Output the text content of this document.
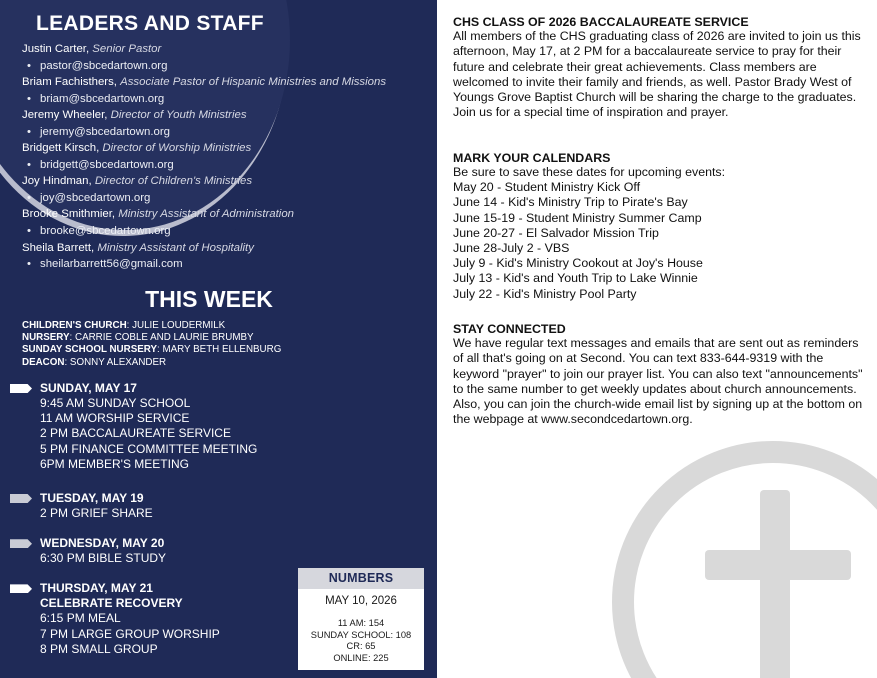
LEADERS AND STAFF
Justin Carter, Senior Pastor
• pastor@sbcedartown.org
Briam Fachisthers, Associate Pastor of Hispanic Ministries and Missions
• briam@sbcedartown.org
Jeremy Wheeler, Director of Youth Ministries
• jeremy@sbcedartown.org
Bridgett Kirsch, Director of Worship Ministries
• bridgett@sbcedartown.org
Joy Hindman, Director of Children's Ministries
• joy@sbcedartown.org
Brooke Smithmier, Ministry Assistant of Administration
• brooke@sbcedartown.org
Sheila Barrett, Ministry Assistant of Hospitality
• sheilarbarrett56@gmail.com
THIS WEEK
CHILDREN'S CHURCH: JULIE LOUDERMILK
NURSERY: CARRIE COBLE AND LAURIE BRUMBY
SUNDAY SCHOOL NURSERY: MARY BETH ELLENBURG
DEACON: SONNY ALEXANDER
SUNDAY, MAY 17
9:45 AM SUNDAY SCHOOL
11 AM WORSHIP SERVICE
2 PM BACCALAUREATE SERVICE
5 PM FINANCE COMMITTEE MEETING
6PM MEMBER'S MEETING
TUESDAY, MAY 19
2 PM GRIEF SHARE
WEDNESDAY, MAY 20
6:30 PM BIBLE STUDY
THURSDAY, MAY 21
CELEBRATE RECOVERY
6:15 PM MEAL
7 PM LARGE GROUP WORSHIP
8 PM SMALL GROUP
NUMBERS
MAY 10, 2026
11 AM: 154
SUNDAY SCHOOL: 108
CR: 65
ONLINE: 225
CHS CLASS OF 2026 BACCALAUREATE SERVICE
All members of the CHS graduating class of 2026 are invited to join us this afternoon, May 17, at 2 PM for a baccalaureate service to pray for their future and celebrate their great achievements. Class members are welcomed to invite their family and friends, as well. Pastor Brady West of Youngs Grove Baptist Church will be sharing the charge to the graduates. Join us for a special time of inspiration and prayer.
MARK YOUR CALENDARS
Be sure to save these dates for upcoming events:
May 20 - Student Ministry Kick Off
June 14 - Kid's Ministry Trip to Pirate's Bay
June 15-19 - Student Ministry Summer Camp
June 20-27 - El Salvador Mission Trip
June 28-July 2 - VBS
July 9 - Kid's Ministry Cookout at Joy's House
July 13 - Kid's and Youth Trip to Lake Winnie
July 22 - Kid's Ministry Pool Party
STAY CONNECTED
We have regular text messages and emails that are sent out as reminders of all that's going on at Second. You can text 833-644-9319 with the keyword "prayer" to join our prayer list. You can also text "announcements" to the same number to get weekly updates about church announcements. Also, you can join the church-wide email list by signing up at the bottom on the webpage at www.secondcedartown.org.
